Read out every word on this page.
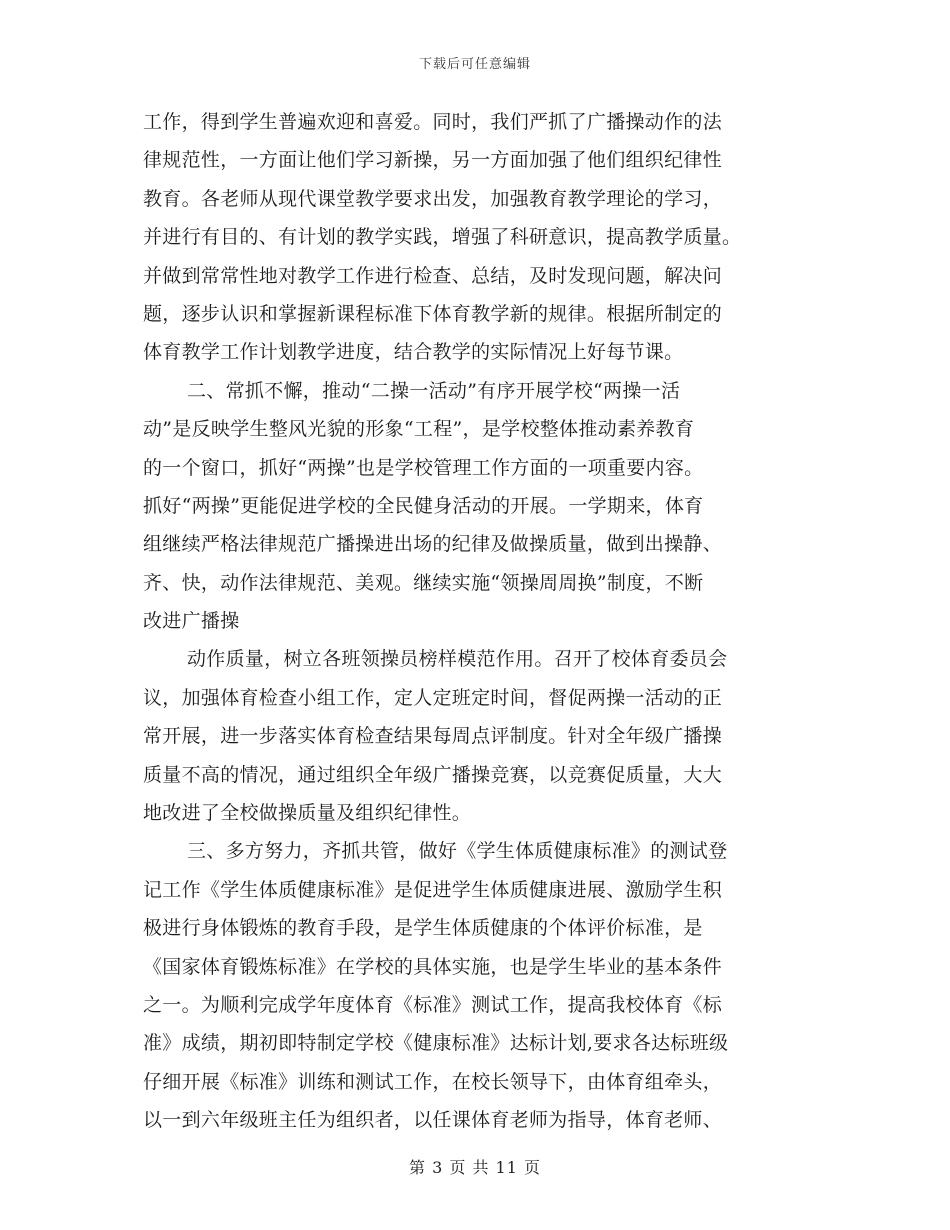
下载后可任意编辑
工作，得到学生普遍欢迎和喜爱。同时，我们严抓了广播操动作的法
律规范性，一方面让他们学习新操，另一方面加强了他们组织纪律性
教育。各老师从现代课堂教学要求出发，加强教育教学理论的学习，
并进行有目的、有计划的教学实践，增强了科研意识，提高教学质量。
并做到常常性地对教学工作进行检查、总结，及时发现问题，解决问
题，逐步认识和掌握新课程标准下体育教学新的规律。根据所制定的
体育教学工作计划教学进度，结合教学的实际情况上好每节课。
二、常抓不懈，推动“二操一活动”有序开展学校“两操一活
动”是反映学生整风光貌的形象“工程”，是学校整体推动素养教育
的一个窗口，抓好“两操”也是学校管理工作方面的一项重要内容。
抓好“两操”更能促进学校的全民健身活动的开展。一学期来，体育
组继续严格法律规范广播操进出场的纪律及做操质量，做到出操静、
齐、快，动作法律规范、美观。继续实施“领操周周换”制度，不断
改进广播操
动作质量，树立各班领操员榜样模范作用。召开了校体育委员会
议，加强体育检查小组工作，定人定班定时间，督促两操一活动的正
常开展，进一步落实体育检查结果每周点评制度。针对全年级广播操
质量不高的情况，通过组织全年级广播操竞赛，以竞赛促质量，大大
地改进了全校做操质量及组织纪律性。
三、多方努力，齐抓共管，做好《学生体质健康标准》的测试登
记工作《学生体质健康标准》是促进学生体质健康进展、激励学生积
极进行身体锻炼的教育手段，是学生体质健康的个体评价标准，是
《国家体育锻炼标准》在学校的具体实施，也是学生毕业的基本条件
之一。为顺利完成学年度体育《标准》测试工作，提高我校体育《标
准》成绩，期初即特制定学校《健康标准》达标计划,要求各达标班级
仔细开展《标准》训练和测试工作，在校长领导下，由体育组牵头，
以一到六年级班主任为组织者，以任课体育老师为指导，体育老师、
第 3 页 共 11 页
